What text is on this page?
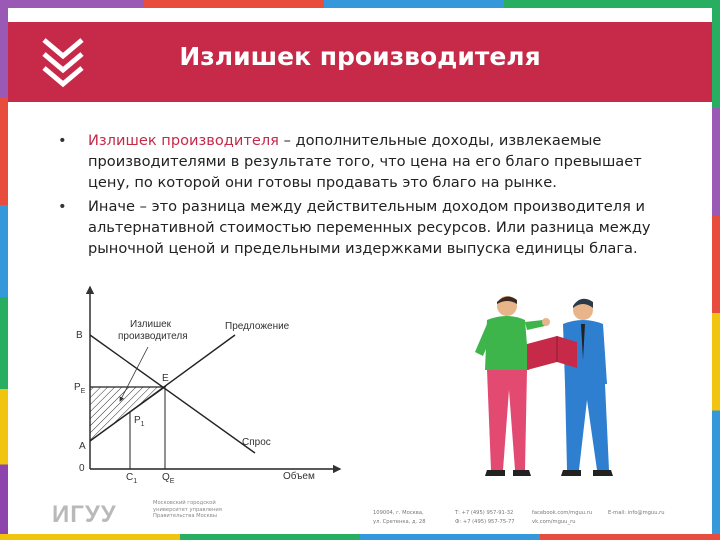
Излишек производителя
• Излишек производителя – дополнительные доходы, извлекаемые производителями в результате того, что цена на его благо превышает цену, по которой они готовы продавать это благо на рынке.
• Иначе – это разница между действительным доходом производителя и альтернативной стоимостью переменных ресурсов. Или разница между рыночной ценой и предельными издержками выпуска единицы блага.
Излишек
производителя
Предложение
Спрос
Объем
B
$P_E$
E
$P_1$
A
0
$C_1$ $Q_E$
ИГУУ	Московский городской университет управления Правительства Москвы
109004, г. Москва,
ул. Сретенка, д. 28
Т: +7 (495) 957-91-32
Ф: +7 (495) 957-75-77
facebook.com/mguu.ru
vk.com/mguu_ru
E-mail: info@mguu.ru
